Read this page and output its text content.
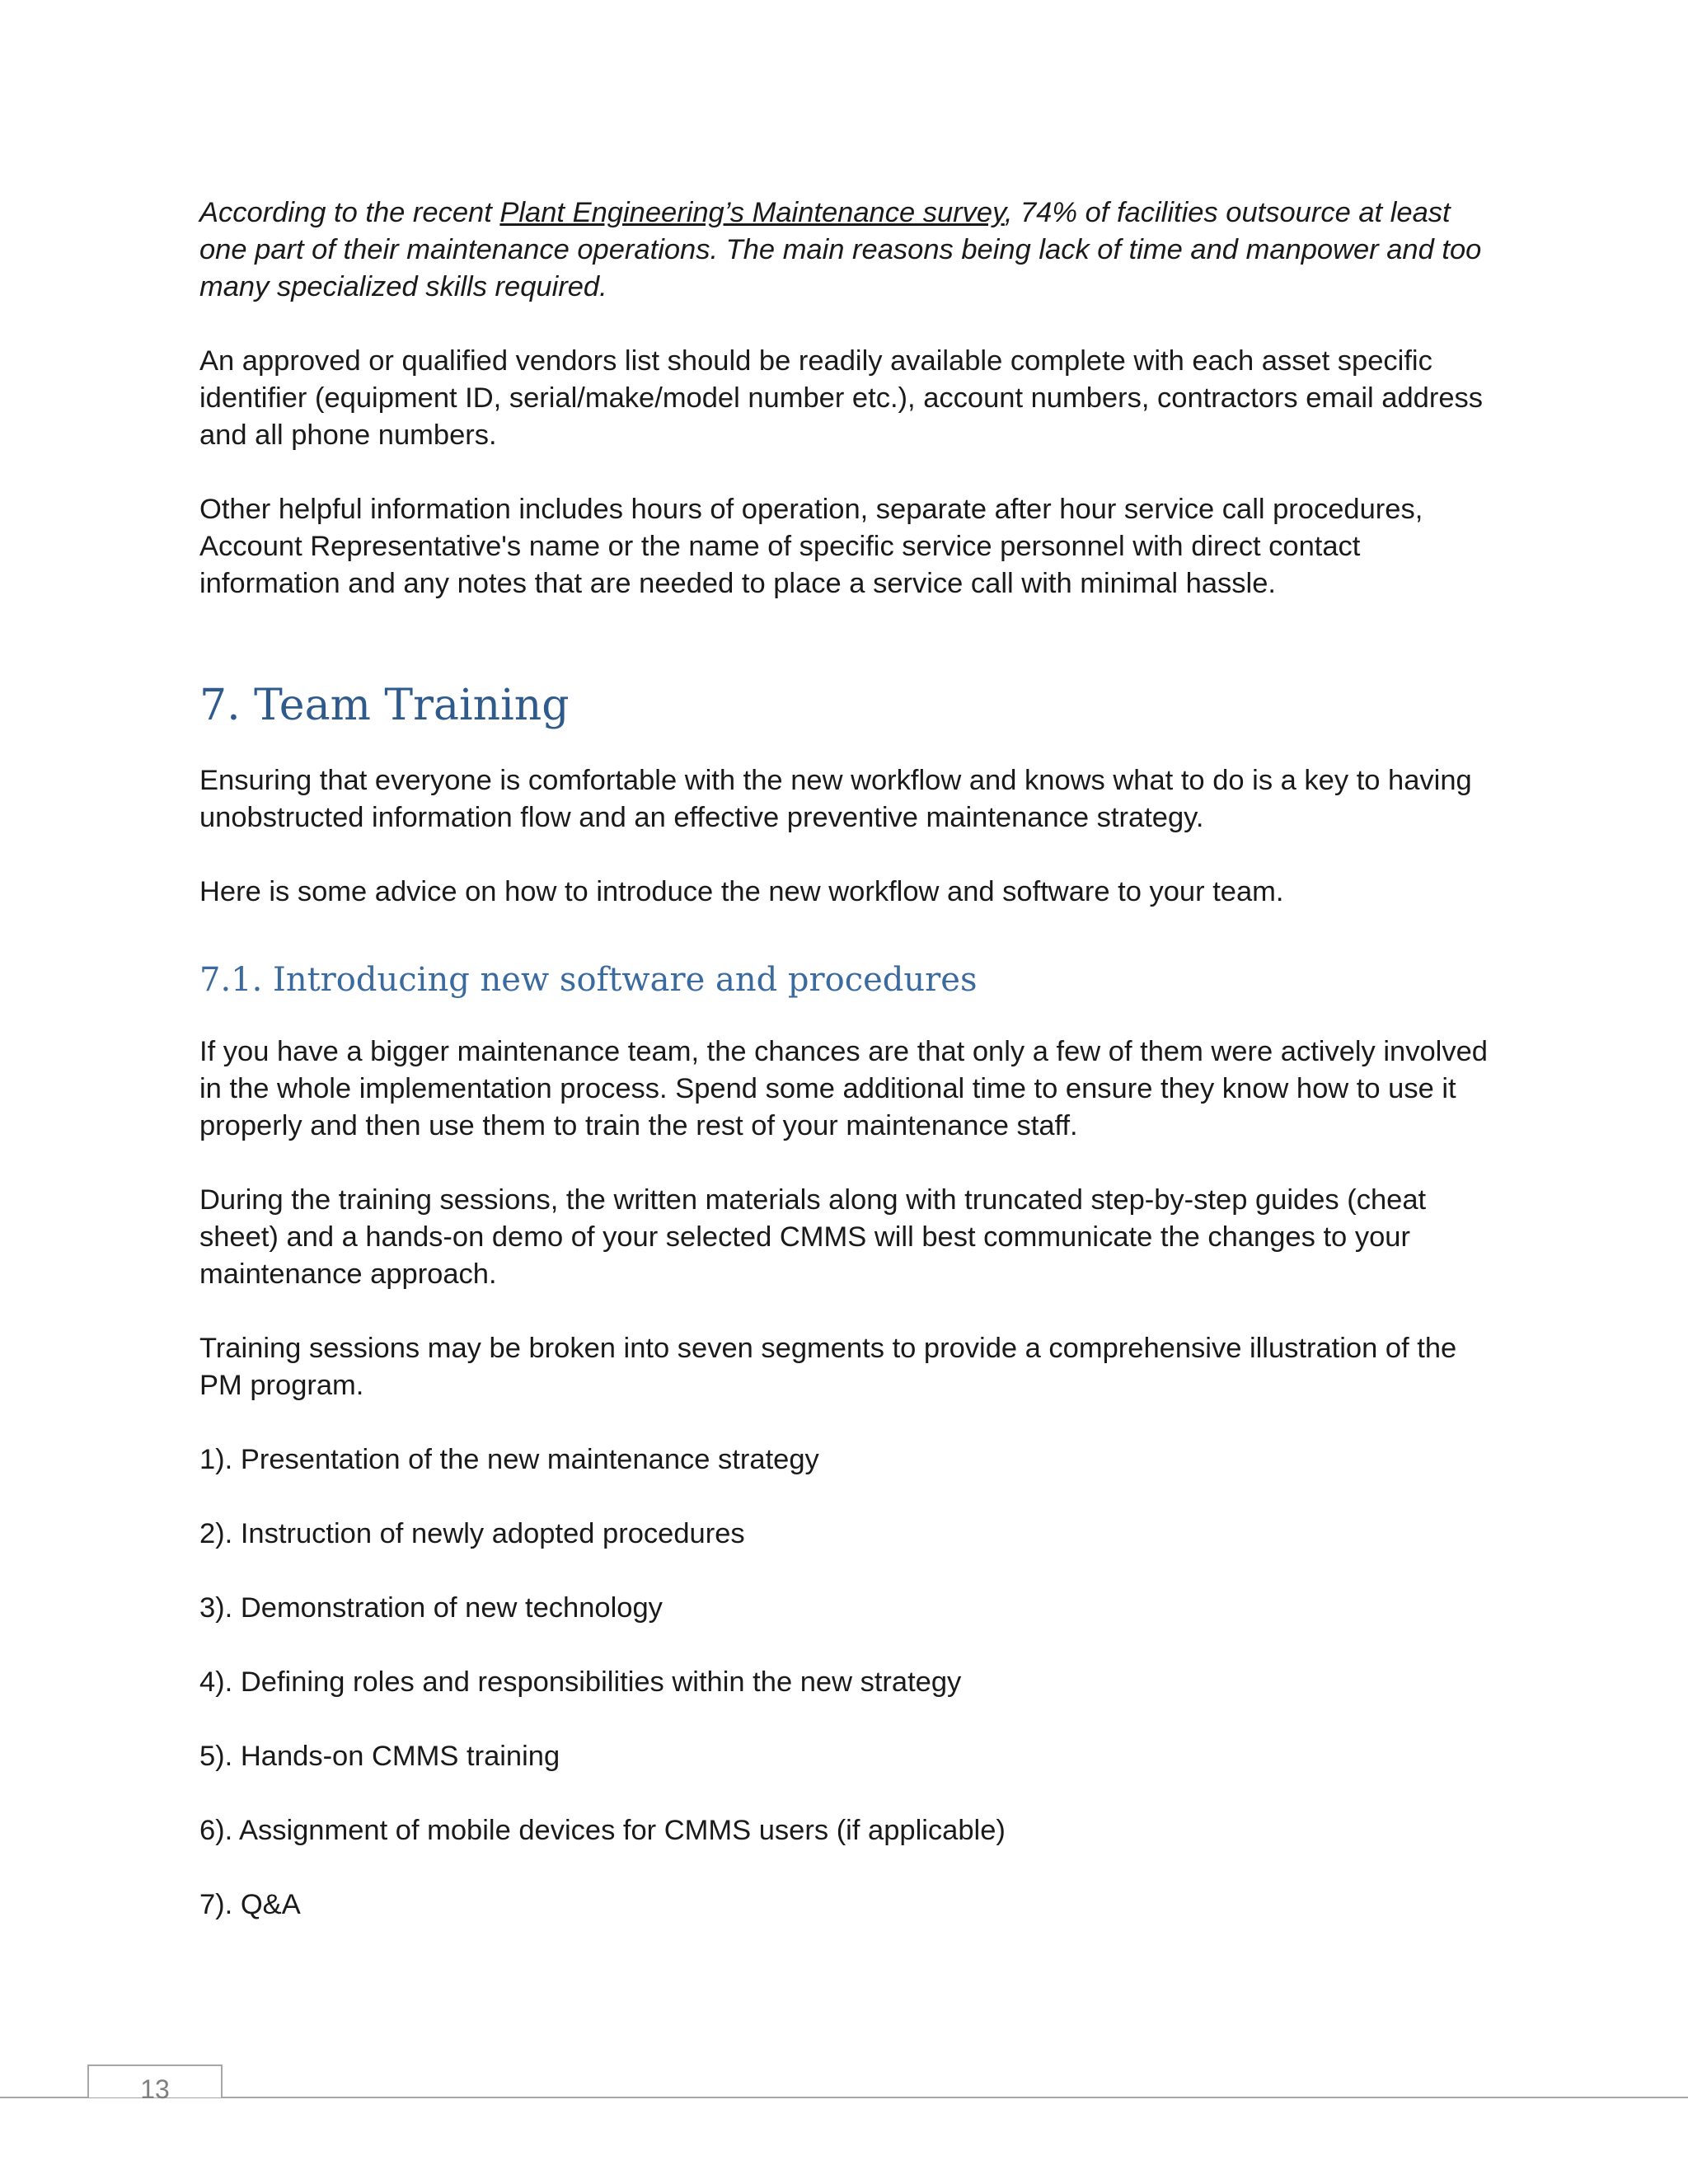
According to the recent Plant Engineering’s Maintenance survey, 74% of facilities outsource at least one part of their maintenance operations. The main reasons being lack of time and manpower and too many specialized skills required.

An approved or qualified vendors list should be readily available complete with each asset specific identifier (equipment ID, serial/make/model number etc.), account numbers, contractors email address and all phone numbers.

Other helpful information includes hours of operation, separate after hour service call procedures, Account Representative's name or the name of specific service personnel with direct contact information and any notes that are needed to place a service call with minimal hassle.

7. Team Training

Ensuring that everyone is comfortable with the new workflow and knows what to do is a key to having unobstructed information flow and an effective preventive maintenance strategy.

Here is some advice on how to introduce the new workflow and software to your team.

7.1. Introducing new software and procedures

If you have a bigger maintenance team, the chances are that only a few of them were actively involved in the whole implementation process. Spend some additional time to ensure they know how to use it properly and then use them to train the rest of your maintenance staff.

During the training sessions, the written materials along with truncated step-by-step guides (cheat sheet) and a hands-on demo of your selected CMMS will best communicate the changes to your maintenance approach.

Training sessions may be broken into seven segments to provide a comprehensive illustration of the PM program.

1). Presentation of the new maintenance strategy
2). Instruction of newly adopted procedures
3). Demonstration of new technology
4). Defining roles and responsibilities within the new strategy
5). Hands-on CMMS training
6). Assignment of mobile devices for CMMS users (if applicable)
7). Q&A
13
